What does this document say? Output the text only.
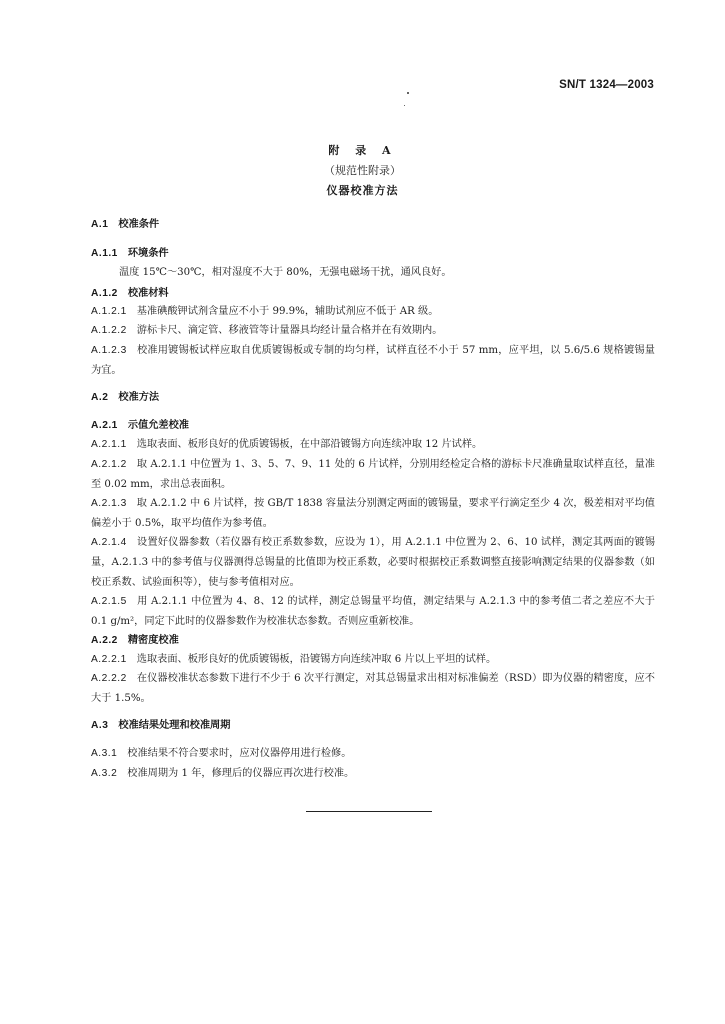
SN/T 1324—2003
附 录 A
（规范性附录）
仪器校准方法
A.1 校准条件
A.1.1 环境条件
温度 15℃～30℃，相对湿度不大于 80%，无强电磁场干扰，通风良好。
A.1.2 校准材料
A.1.2.1 基准碘酸钾试剂含量应不小于 99.9%，辅助试剂应不低于 AR 级。
A.1.2.2 游标卡尺、滴定管、移液管等计量器具均经计量合格并在有效期内。
A.1.2.3 校准用镀锡板试样应取自优质镀锡板或专制的均匀样，试样直径不小于 57 mm，应平坦，以 5.6/5.6 规格镀锡量为宜。
A.2 校准方法
A.2.1 示值允差校准
A.2.1.1 选取表面、板形良好的优质镀锡板，在中部沿镀锡方向连续冲取 12 片试样。
A.2.1.2 取 A.2.1.1 中位置为 1、3、5、7、9、11 处的 6 片试样，分别用经检定合格的游标卡尺准确量取试样直径，量准至 0.02 mm，求出总表面积。
A.2.1.3 取 A.2.1.2 中 6 片试样，按 GB/T 1838 容量法分别测定两面的镀锡量，要求平行滴定至少 4 次，极差相对平均值偏差小于 0.5%，取平均值作为参考值。
A.2.1.4 设置好仪器参数（若仪器有校正系数参数，应设为 1），用 A.2.1.1 中位置为 2、6、10 试样，测定其两面的镀锡量，A.2.1.3 中的参考值与仪器测得总锡量的比值即为校正系数，必要时根据校正系数调整直接影响测定结果的仪器参数（如校正系数、试验面积等），使与参考值相对应。
A.2.1.5 用 A.2.1.1 中位置为 4、8、12 的试样，测定总锡量平均值，测定结果与 A.2.1.3 中的参考值二者之差应不大于 0.1 g/m²，同定下此时的仪器参数作为校准状态参数。否则应重新校准。
A.2.2 精密度校准
A.2.2.1 选取表面、板形良好的优质镀锡板，沿镀锡方向连续冲取 6 片以上平坦的试样。
A.2.2.2 在仪器校准状态参数下进行不少于 6 次平行测定，对其总锡量求出相对标准偏差（RSD）即为仪器的精密度，应不大于 1.5%。
A.3 校准结果处理和校准周期
A.3.1 校准结果不符合要求时，应对仪器停用进行检修。
A.3.2 校准周期为 1 年，修理后的仪器应再次进行校准。
